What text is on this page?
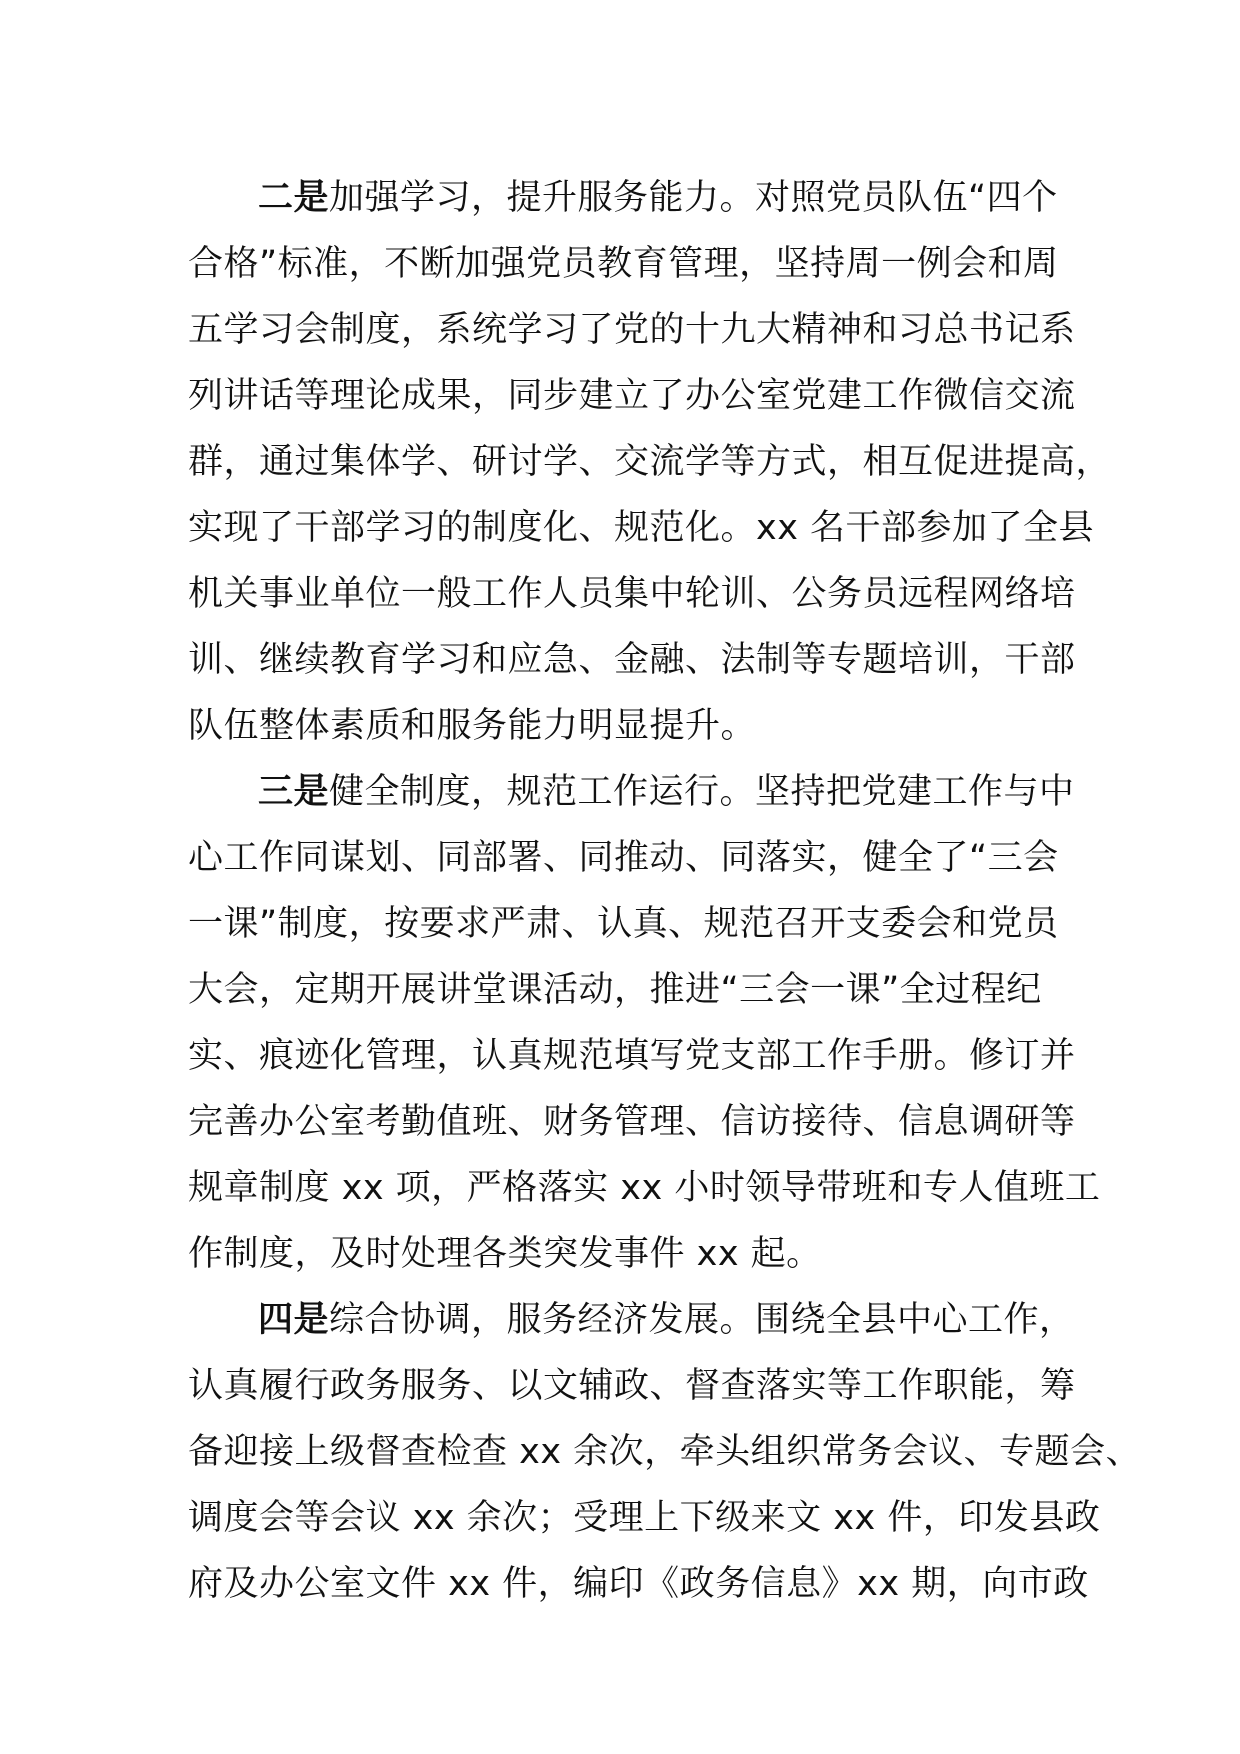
二是加强学习，提升服务能力。对照党员队伍“四个
合格”标准，不断加强党员教育管理，坚持周一例会和周
五学习会制度，系统学习了党的十九大精神和习总书记系
列讲话等理论成果，同步建立了办公室党建工作微信交流
群，通过集体学、研讨学、交流学等方式，相互促进提高，
实现了干部学习的制度化、规范化。xx 名干部参加了全县
机关事业单位一般工作人员集中轮训、公务员远程网络培
训、继续教育学习和应急、金融、法制等专题培训，干部
队伍整体素质和服务能力明显提升。
三是健全制度，规范工作运行。坚持把党建工作与中
心工作同谋划、同部署、同推动、同落实，健全了“三会
一课”制度，按要求严肃、认真、规范召开支委会和党员
大会，定期开展讲堂课活动，推进“三会一课”全过程纪
实、痕迹化管理，认真规范填写党支部工作手册。修订并
完善办公室考勤值班、财务管理、信访接待、信息调研等
规章制度 xx 项，严格落实 xx 小时领导带班和专人值班工
作制度，及时处理各类突发事件 xx 起。
四是综合协调，服务经济发展。围绕全县中心工作，
认真履行政务服务、以文辅政、督查落实等工作职能，筹
备迎接上级督查检查 xx 余次，牵头组织常务会议、专题会、
调度会等会议 xx 余次；受理上下级来文 xx 件，印发县政
府及办公室文件 xx 件，编印《政务信息》xx 期，向市政
